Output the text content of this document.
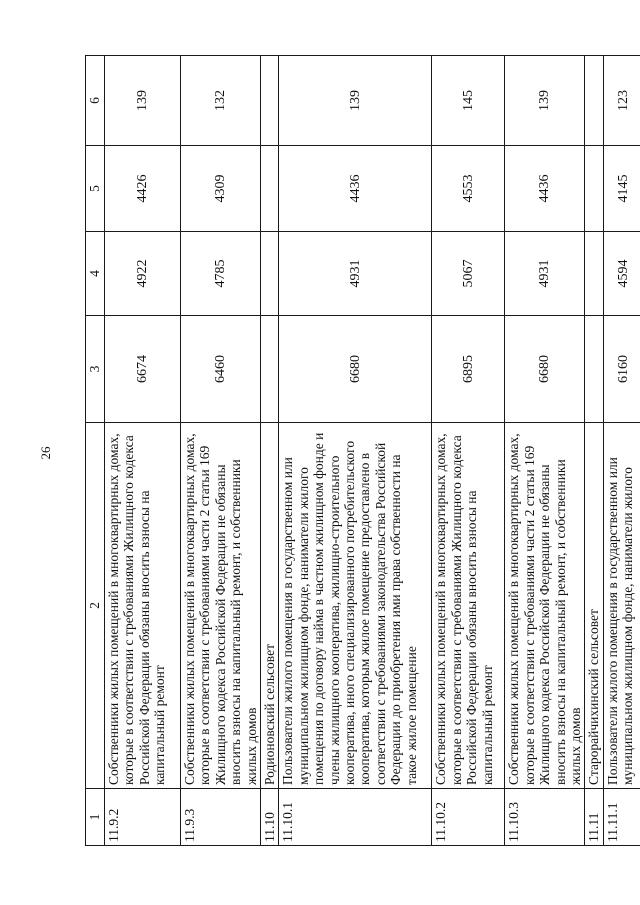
26
1	2	3	4	5	6
11.9.2	Собственники жилых помещений в многоквартирных домах, которые в соответствии с требованиями Жилищного кодекса Российской Федерации обязаны вносить взносы на капитальный ремонт	6674	4922	4426	139
11.9.3	Собственники жилых помещений в многоквартирных домах, которые в соответствии с требованиями части 2 статьи 169 Жилищного кодекса Российской Федерации не обязаны вносить взносы на капитальный ремонт, и собственники жилых домов	6460	4785	4309	132
11.10	Родионовский сельсовет				
11.10.1	Пользователи жилого помещения в государственном или муниципальном жилищном фонде, наниматели жилого помещения по договору найма в частном жилищном фонде и члены жилищного кооператива, жилищно-строительного кооператива, иного специализированного потребительского кооператива, которым жилое помещение предоставлено в соответствии с требованиями законодательства Российской Федерации до приобретения ими права собственности на такое жилое помещение	6680	4931	4436	139
11.10.2	Собственники жилых помещений в многоквартирных домах, которые в соответствии с требованиями Жилищного кодекса Российской Федерации обязаны вносить взносы на капитальный ремонт	6895	5067	4553	145
11.10.3	Собственники жилых помещений в многоквартирных домах, которые в соответствии с требованиями части 2 статьи 169 Жилищного кодекса Российской Федерации не обязаны вносить взносы на капитальный ремонт, и собственники жилых домов	6680	4931	4436	139
11.11	Старорайчихинский сельсовет				
11.11.1	Пользователи жилого помещения в государственном или муниципальном жилищном фонде, наниматели жилого	6160	4594	4145	123
